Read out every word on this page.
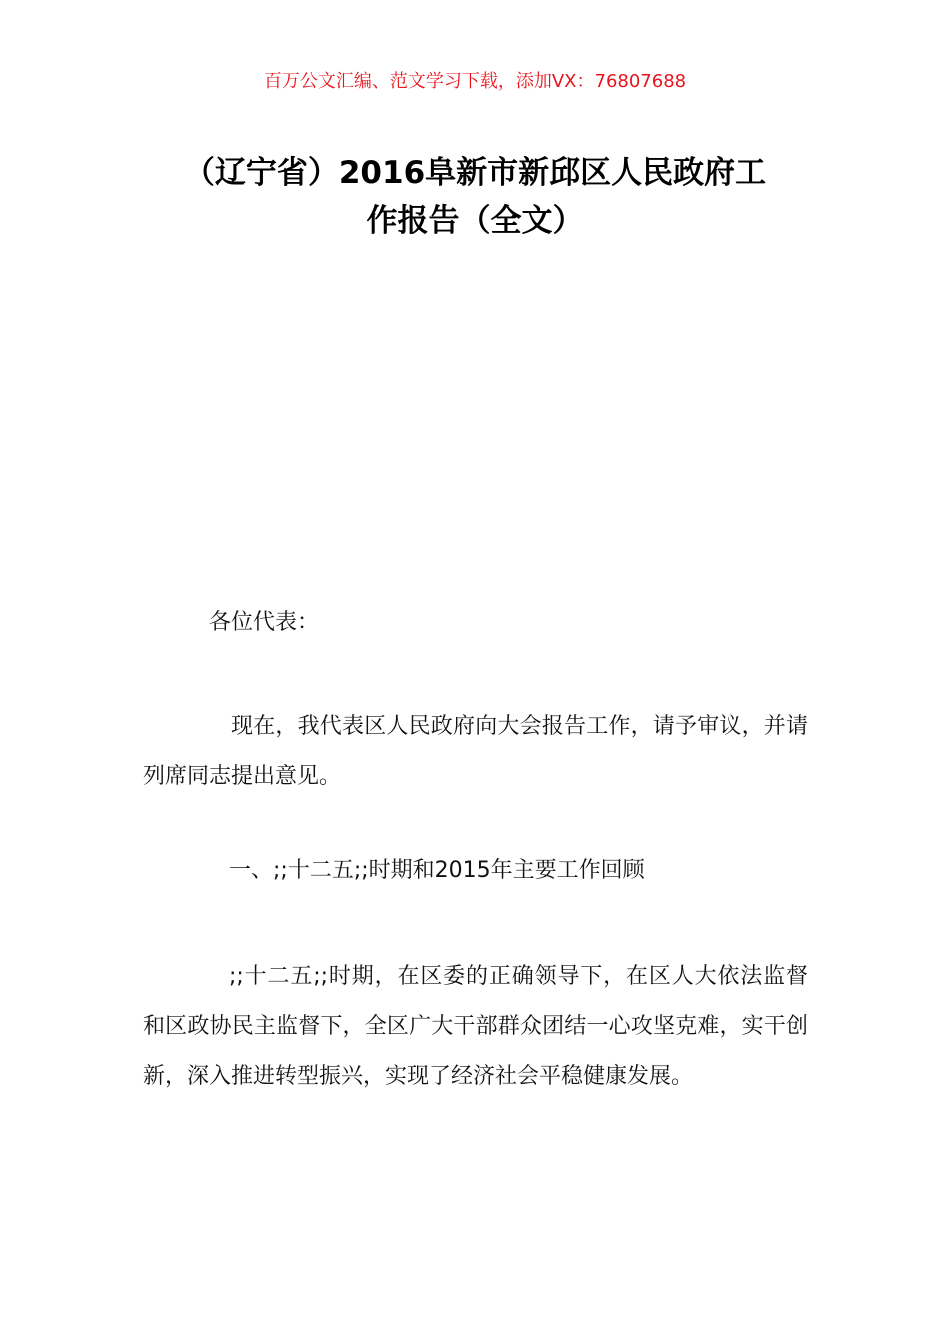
百万公文汇编、范文学习下载，添加VX：76807688
（辽宁省）2016阜新市新邱区人民政府工
作报告（全文）
各位代表：
现在，我代表区人民政府向大会报告工作，请予审议，并请列席同志提出意见。
一、;;十二五;;时期和2015年主要工作回顾
;;十二五;;时期，在区委的正确领导下，在区人大依法监督和区政协民主监督下，全区广大干部群众团结一心攻坚克难，实干创新，深入推进转型振兴，实现了经济社会平稳健康发展。
